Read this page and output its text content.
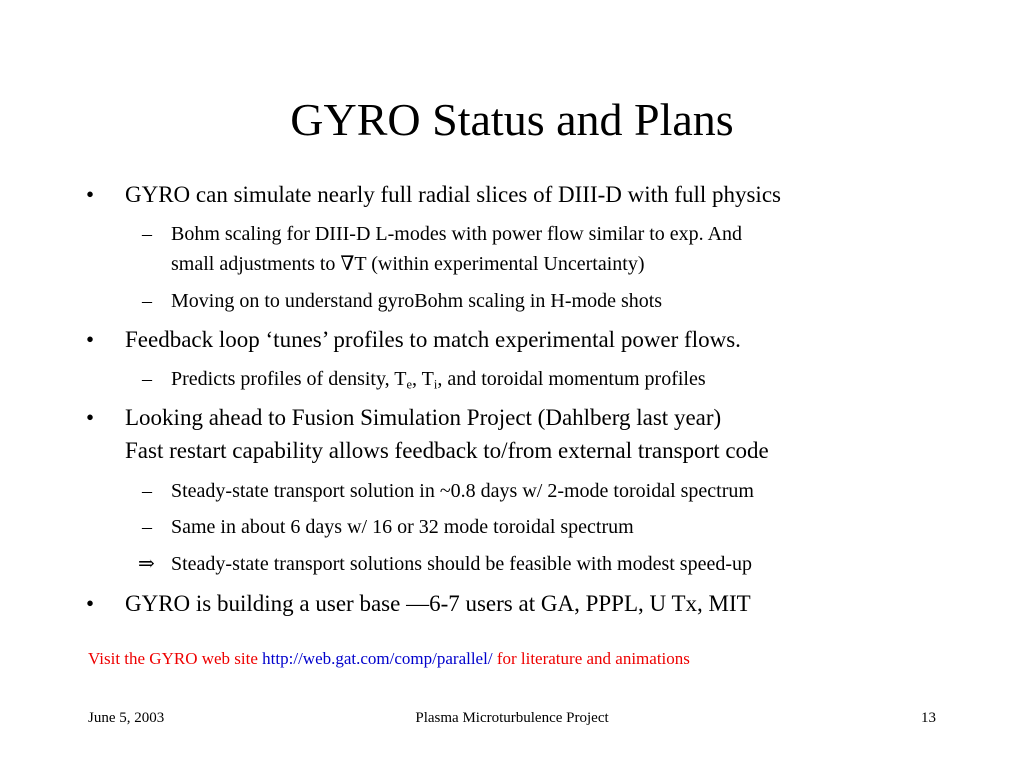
GYRO Status and Plans
• GYRO can simulate nearly full radial slices of DIII-D with full physics
– Bohm scaling for DIII-D L-modes with power flow similar to exp. And
small adjustments to ∇T (within experimental Uncertainty)
– Moving on to understand gyroBohm scaling in H-mode shots
• Feedback loop ‘tunes’ profiles to match experimental power flows.
– Predicts profiles of density, $T_e$, $T_i$, and toroidal momentum profiles
• Looking ahead to Fusion Simulation Project (Dahlberg last year)
Fast restart capability allows feedback to/from external transport code
– Steady-state transport solution in ~0.8 days w/ 2-mode toroidal spectrum
– Same in about 6 days w/ 16 or 32 mode toroidal spectrum
⇒ Steady-state transport solutions should be feasible with modest speed-up
• GYRO is building a user base —6-7 users at GA, PPPL, U Tx, MIT
Visit the GYRO web site http://web.gat.com/comp/parallel/ for literature and animations
June 5, 2003	Plasma Microturbulence Project	13
